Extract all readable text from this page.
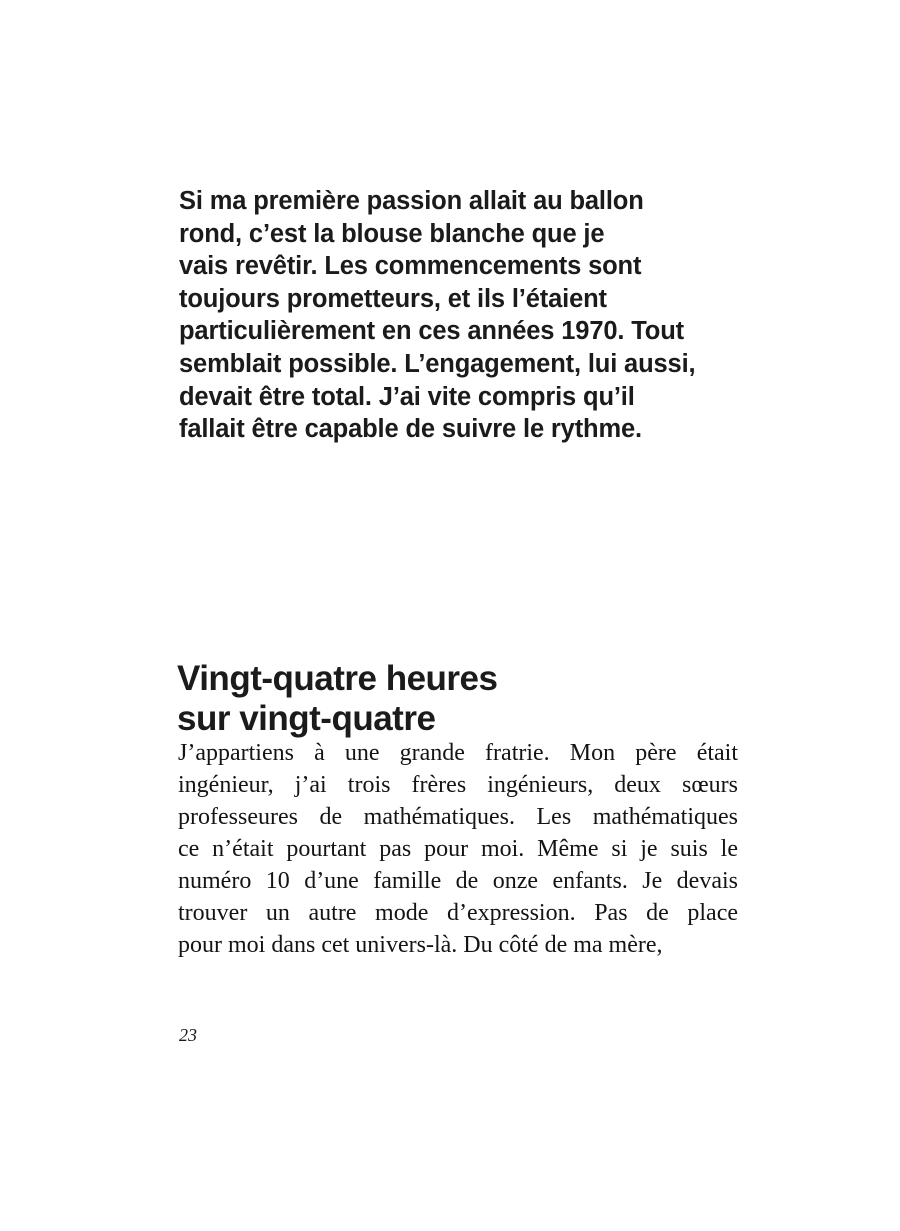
Si ma première passion allait au ballon
rond, c’est la blouse blanche que je
vais revêtir. Les commencements sont
toujours prometteurs, et ils l’étaient
particulièrement en ces années 1970. Tout
semblait possible. L’engagement, lui aussi,
devait être total. J’ai vite compris qu’il
fallait être capable de suivre le rythme.
Vingt-quatre heures
sur vingt-quatre
J’appartiens à une grande fratrie. Mon père était
ingénieur, j’ai trois frères ingénieurs, deux sœurs
professeures de mathématiques. Les mathématiques
ce n’était pourtant pas pour moi. Même si je suis le
numéro 10 d’une famille de onze enfants. Je devais
trouver un autre mode d’expression. Pas de place
pour moi dans cet univers-là. Du côté de ma mère,
23
